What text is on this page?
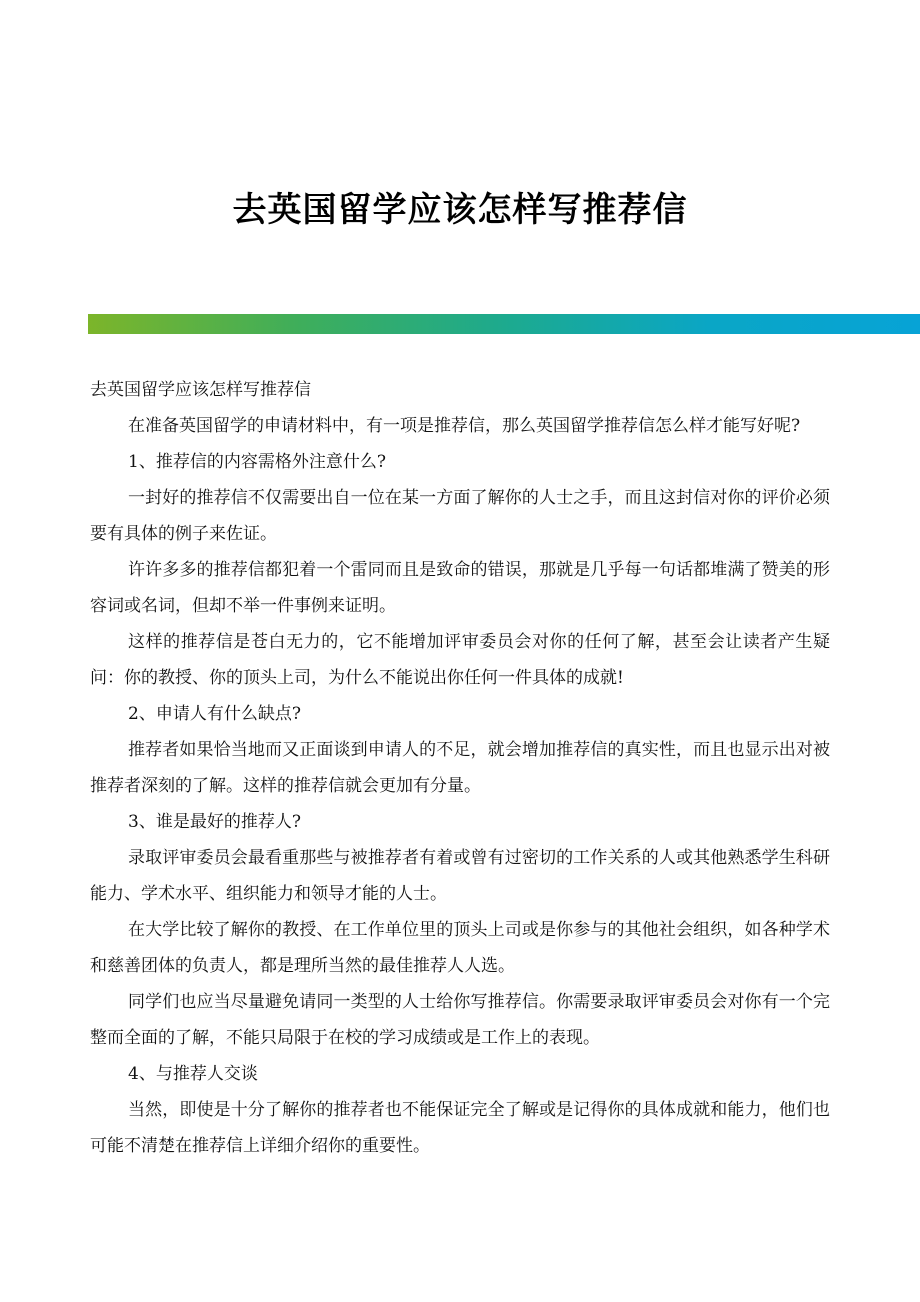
去英国留学应该怎样写推荐信

去英国留学应该怎样写推荐信

在准备英国留学的申请材料中，有一项是推荐信，那么英国留学推荐信怎么样才能写好呢?

1、推荐信的内容需格外注意什么?

一封好的推荐信不仅需要出自一位在某一方面了解你的人士之手，而且这封信对你的评价必须要有具体的例子来佐证。

许许多多的推荐信都犯着一个雷同而且是致命的错误，那就是几乎每一句话都堆满了赞美的形容词或名词，但却不举一件事例来证明。

这样的推荐信是苍白无力的，它不能增加评审委员会对你的任何了解，甚至会让读者产生疑问：你的教授、你的顶头上司，为什么不能说出你任何一件具体的成就!

2、申请人有什么缺点?

推荐者如果恰当地而又正面谈到申请人的不足，就会增加推荐信的真实性，而且也显示出对被推荐者深刻的了解。这样的推荐信就会更加有分量。

3、谁是最好的推荐人?

录取评审委员会最看重那些与被推荐者有着或曾有过密切的工作关系的人或其他熟悉学生科研能力、学术水平、组织能力和领导才能的人士。

在大学比较了解你的教授、在工作单位里的顶头上司或是你参与的其他社会组织，如各种学术和慈善团体的负责人，都是理所当然的最佳推荐人人选。

同学们也应当尽量避免请同一类型的人士给你写推荐信。你需要录取评审委员会对你有一个完整而全面的了解，不能只局限于在校的学习成绩或是工作上的表现。

4、与推荐人交谈

当然，即使是十分了解你的推荐者也不能保证完全了解或是记得你的具体成就和能力，他们也可能不清楚在推荐信上详细介绍你的重要性。
